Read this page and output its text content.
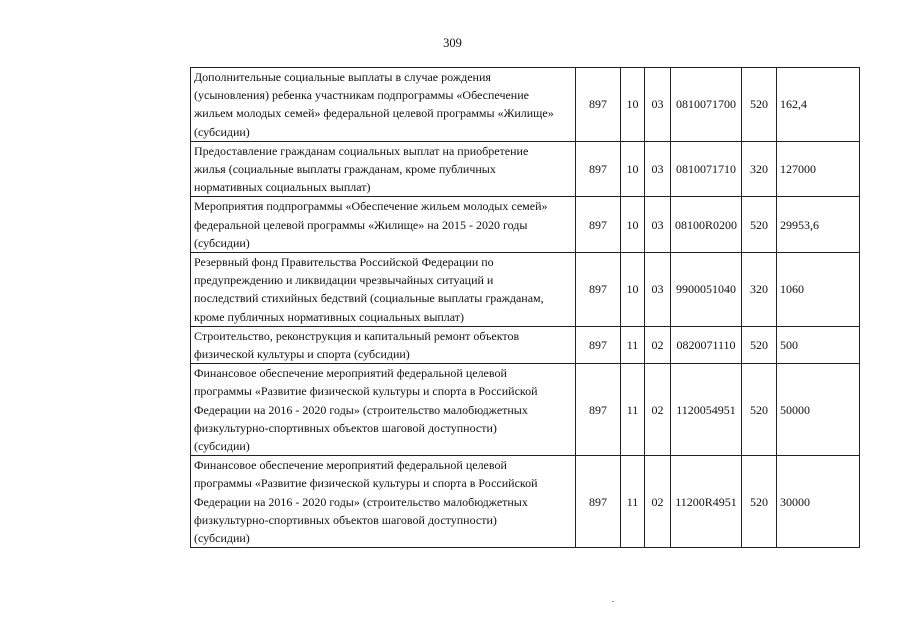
309
Дополнительные социальные выплаты в случае рождения
(усыновления) ребенка участникам подпрограммы «Обеспечение
жильем молодых семей» федеральной целевой программы «Жилище»
(субсидии)	897	10	03	0810071700	520	162,4

Предоставление гражданам социальных выплат на приобретение
жилья (социальные выплаты гражданам, кроме публичных
нормативных социальных выплат)	897	10	03	0810071710	320	127000

Мероприятия подпрограммы «Обеспечение жильем молодых семей»
федеральной целевой программы «Жилище» на 2015 - 2020 годы
(субсидии)	897	10	03	08100R0200	520	29953,6

Резервный фонд Правительства Российской Федерации по
предупреждению и ликвидации чрезвычайных ситуаций и
последствий стихийных бедствий (социальные выплаты гражданам,
кроме публичных нормативных социальных выплат)	897	10	03	9900051040	320	1060

Строительство, реконструкция и капитальный ремонт объектов
физической культуры и спорта (субсидии)	897	11	02	0820071110	520	500

Финансовое обеспечение мероприятий федеральной целевой
программы «Развитие физической культуры и спорта в Российской
Федерации на 2016 - 2020 годы» (строительство малобюджетных
физкультурно-спортивных объектов шаговой доступности)
(субсидии)	897	11	02	1120054951	520	50000

Финансовое обеспечение мероприятий федеральной целевой
программы «Развитие физической культуры и спорта в Российской
Федерации на 2016 - 2020 годы» (строительство малобюджетных
физкультурно-спортивных объектов шаговой доступности)
(субсидии)	897	11	02	11200R4951	520	30000
